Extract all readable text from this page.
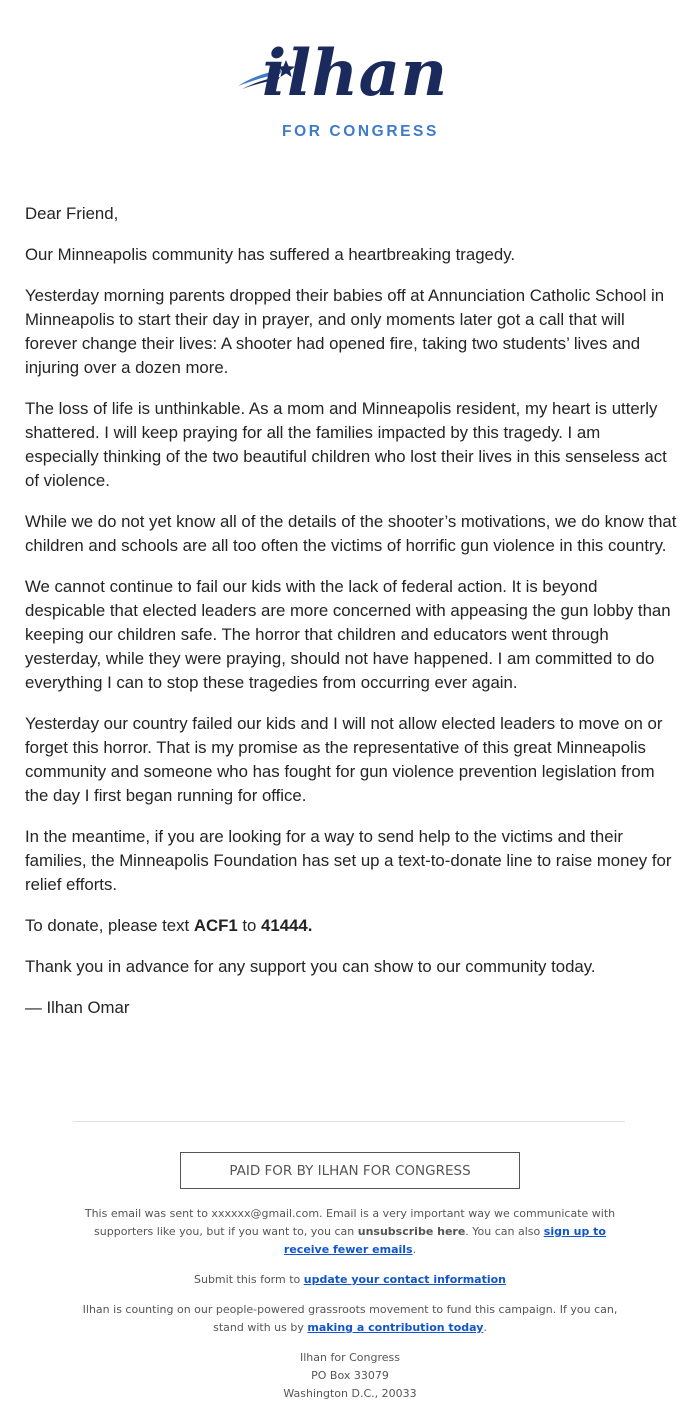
ilhan
FOR CONGRESS

Dear Friend,

Our Minneapolis community has suffered a heartbreaking tragedy.

Yesterday morning parents dropped their babies off at Annunciation Catholic School in Minneapolis to start their day in prayer, and only moments later got a call that will forever change their lives: A shooter had opened fire, taking two students’ lives and injuring over a dozen more.

The loss of life is unthinkable. As a mom and Minneapolis resident, my heart is utterly shattered. I will keep praying for all the families impacted by this tragedy. I am especially thinking of the two beautiful children who lost their lives in this senseless act of violence.

While we do not yet know all of the details of the shooter’s motivations, we do know that children and schools are all too often the victims of horrific gun violence in this country.

We cannot continue to fail our kids with the lack of federal action. It is beyond despicable that elected leaders are more concerned with appeasing the gun lobby than keeping our children safe. The horror that children and educators went through yesterday, while they were praying, should not have happened. I am committed to do everything I can to stop these tragedies from occurring ever again.

Yesterday our country failed our kids and I will not allow elected leaders to move on or forget this horror. That is my promise as the representative of this great Minneapolis community and someone who has fought for gun violence prevention legislation from the day I first began running for office.

In the meantime, if you are looking for a way to send help to the victims and their families, the Minneapolis Foundation has set up a text-to-donate line to raise money for relief efforts.

To donate, please text ACF1 to 41444.

Thank you in advance for any support you can show to our community today.

— Ilhan Omar

PAID FOR BY ILHAN FOR CONGRESS

This email was sent to xxxxxx@gmail.com. Email is a very important way we communicate with supporters like you, but if you want to, you can unsubscribe here. You can also sign up to receive fewer emails.

Submit this form to update your contact information

Ilhan is counting on our people-powered grassroots movement to fund this campaign. If you can, stand with us by making a contribution today.

Ilhan for Congress
PO Box 33079
Washington D.C., 20033
